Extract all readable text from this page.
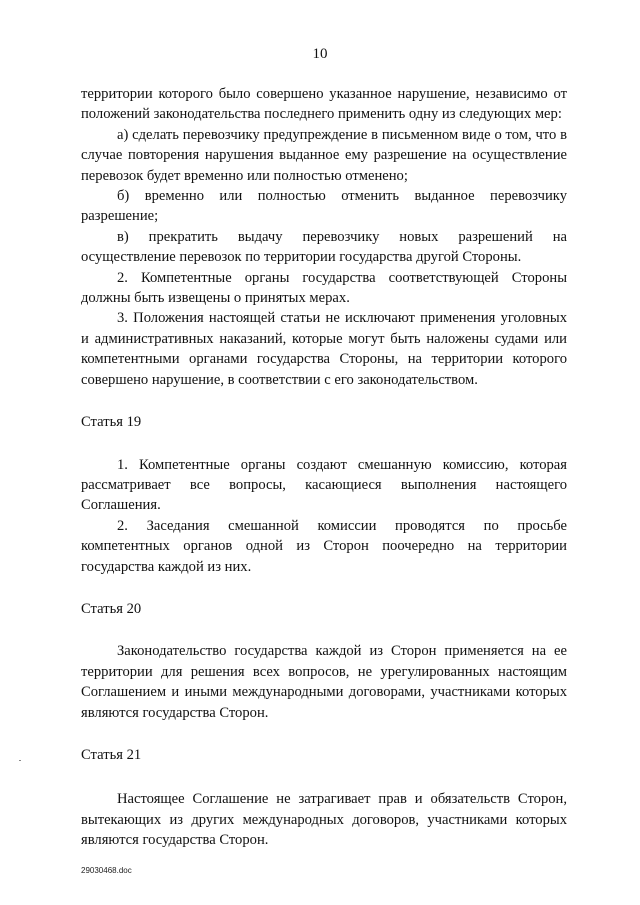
10

территории которого было совершено указанное нарушение, независимо от положений законодательства последнего применить одну из следующих мер:

а) сделать перевозчику предупреждение в письменном виде о том, что в случае повторения нарушения выданное ему разрешение на осуществление перевозок будет временно или полностью отменено;

б) временно или полностью отменить выданное перевозчику разрешение;

в) прекратить выдачу перевозчику новых разрешений на осуществление перевозок по территории государства другой Стороны.

2. Компетентные органы государства соответствующей Стороны должны быть извещены о принятых мерах.

3. Положения настоящей статьи не исключают применения уголовных и административных наказаний, которые могут быть наложены судами или компетентными органами государства Стороны, на территории которого совершено нарушение, в соответствии с его законодательством.

Статья 19

1. Компетентные органы создают смешанную комиссию, которая рассматривает все вопросы, касающиеся выполнения настоящего Соглашения.

2. Заседания смешанной комиссии проводятся по просьбе компетентных органов одной из Сторон поочередно на территории государства каждой из них.

Статья 20

Законодательство государства каждой из Сторон применяется на ее территории для решения всех вопросов, не урегулированных настоящим Соглашением и иными международными договорами, участниками которых являются государства Сторон.

Статья 21

Настоящее Соглашение не затрагивает прав и обязательств Сторон, вытекающих из других международных договоров, участниками которых являются государства Сторон.

29030468.doc
